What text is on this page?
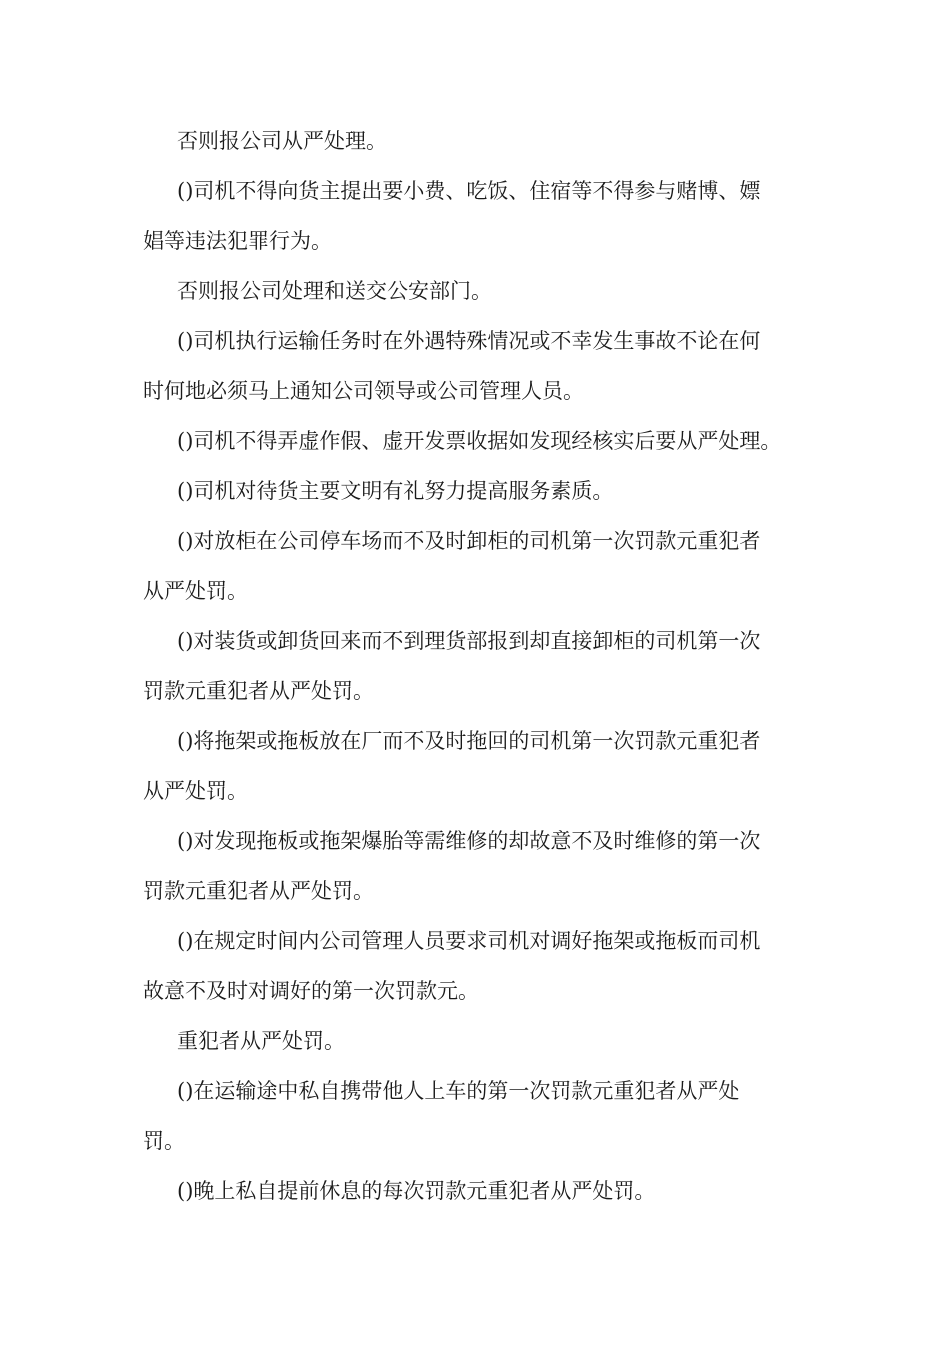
否则报公司从严处理。

()司机不得向货主提出要小费、吃饭、住宿等不得参与赌博、嫖
娼等违法犯罪行为。

否则报公司处理和送交公安部门。

()司机执行运输任务时在外遇特殊情况或不幸发生事故不论在何
时何地必须马上通知公司领导或公司管理人员。

()司机不得弄虚作假、虚开发票收据如发现经核实后要从严处理。

()司机对待货主要文明有礼努力提高服务素质。

()对放柜在公司停车场而不及时卸柜的司机第一次罚款元重犯者
从严处罚。

()对装货或卸货回来而不到理货部报到却直接卸柜的司机第一次
罚款元重犯者从严处罚。

()将拖架或拖板放在厂而不及时拖回的司机第一次罚款元重犯者
从严处罚。

()对发现拖板或拖架爆胎等需维修的却故意不及时维修的第一次
罚款元重犯者从严处罚。

()在规定时间内公司管理人员要求司机对调好拖架或拖板而司机
故意不及时对调好的第一次罚款元。

重犯者从严处罚。

()在运输途中私自携带他人上车的第一次罚款元重犯者从严处
罚。

()晚上私自提前休息的每次罚款元重犯者从严处罚。
